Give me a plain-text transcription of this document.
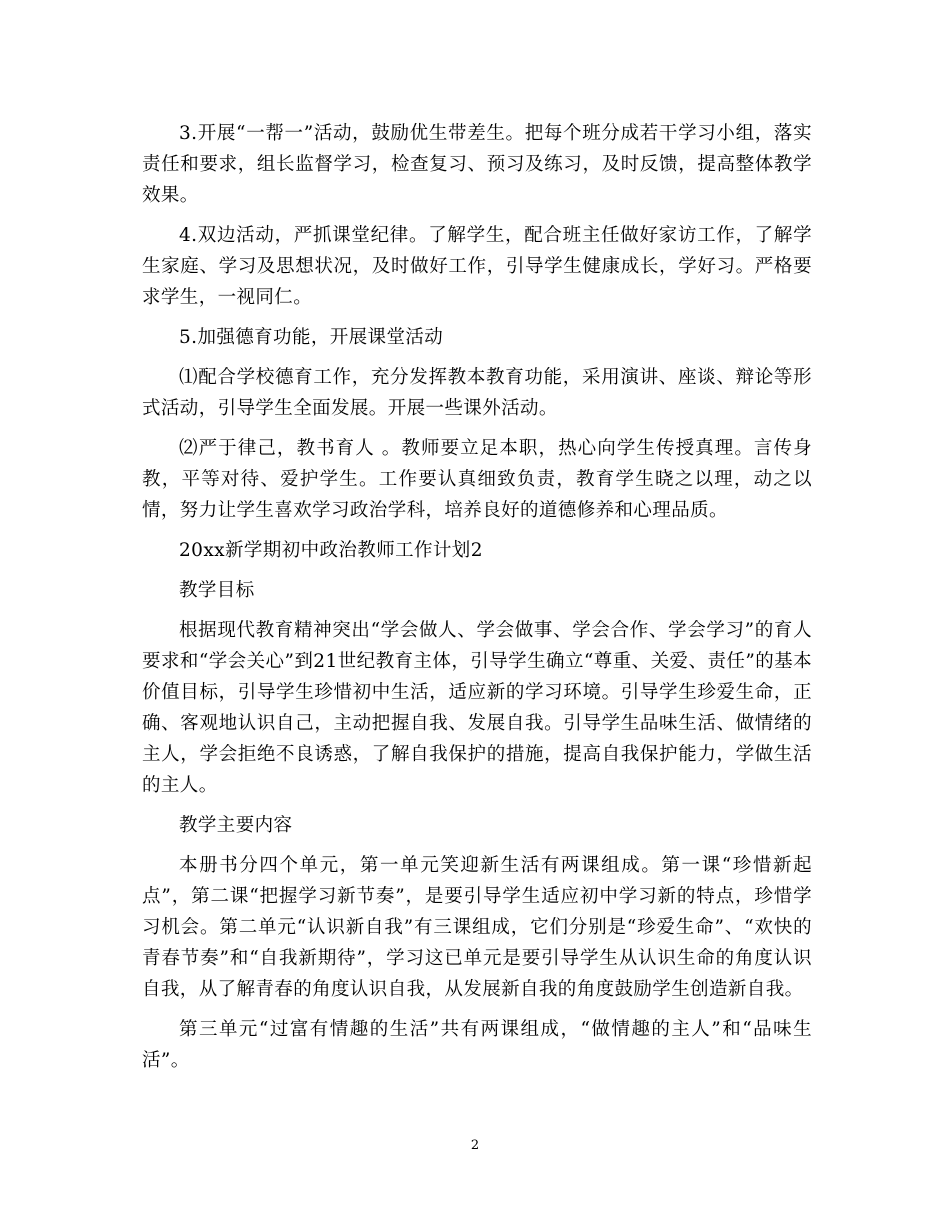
3.开展“一帮一”活动，鼓励优生带差生。把每个班分成若干学习小组，落实责任和要求，组长监督学习，检查复习、预习及练习，及时反馈，提高整体教学效果。

4.双边活动，严抓课堂纪律。了解学生，配合班主任做好家访工作，了解学生家庭、学习及思想状况，及时做好工作，引导学生健康成长，学好习。严格要求学生，一视同仁。

5.加强德育功能，开展课堂活动

⑴配合学校德育工作，充分发挥教本教育功能，采用演讲、座谈、辩论等形式活动，引导学生全面发展。开展一些课外活动。

⑵严于律己，教书育人 。教师要立足本职，热心向学生传授真理。言传身教，平等对待、爱护学生。工作要认真细致负责，教育学生晓之以理，动之以情，努力让学生喜欢学习政治学科，培养良好的道德修养和心理品质。

20xx新学期初中政治教师工作计划2

教学目标

根据现代教育精神突出“学会做人、学会做事、学会合作、学会学习”的育人要求和“学会关心”到21世纪教育主体，引导学生确立“尊重、关爱、责任”的基本价值目标，引导学生珍惜初中生活，适应新的学习环境。引导学生珍爱生命，正确、客观地认识自己，主动把握自我、发展自我。引导学生品味生活、做情绪的主人，学会拒绝不良诱惑，了解自我保护的措施，提高自我保护能力，学做生活的主人。

教学主要内容

本册书分四个单元，第一单元笑迎新生活有两课组成。第一课“珍惜新起点”，第二课“把握学习新节奏”，是要引导学生适应初中学习新的特点，珍惜学习机会。第二单元“认识新自我”有三课组成，它们分别是“珍爱生命”、“欢快的青春节奏”和“自我新期待”，学习这已单元是要引导学生从认识生命的角度认识自我，从了解青春的角度认识自我，从发展新自我的角度鼓励学生创造新自我。

第三单元“过富有情趣的生活”共有两课组成，“做情趣的主人”和“品味生活”。

2
